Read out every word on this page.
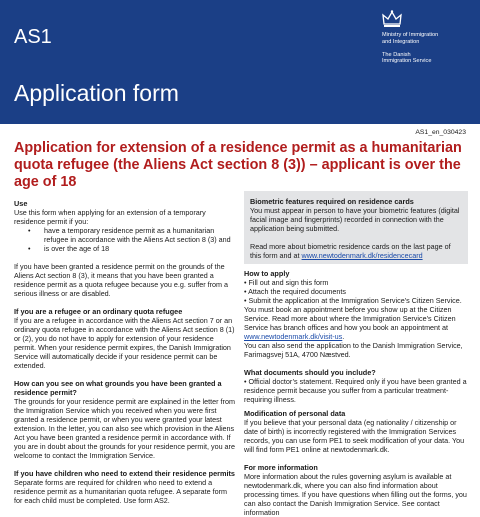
AS1
Application form
Ministry of Immigration
and Integration
The Danish
Immigration Service
AS1_en_030423
Application for extension of a residence permit as a humanitarian quota refugee (the Aliens Act section 8 (3)) – applicant is over the age of 18
Use

Use this form when applying for an extension of a temporary residence permit if you:

• have a temporary residence permit as a humanitarian refugee in accordance with the Aliens Act section 8 (3) and
• is over the age of 18

If you have been granted a residence permit on the grounds of the Aliens Act section 8 (3), it means that you have been granted a residence permit as a quota refugee because you e.g. suffer from a serious illness or are disabled.

If you are a refugee or an ordinary quota refugee

If you are a refugee in accordance with the Aliens Act section 7 or an ordinary quota refugee in accordance with the Aliens Act section 8 (1) or (2), you do not have to apply for extension of your residence permit. When your residence permit expires, the Danish Immigration Service will automatically decide if your residence permit can be extended.

How can you see on what grounds you have been granted a residence permit?

The grounds for your residence permit are explained in the letter from the Immigration Service which you received when you were first granted a residence permit, or when you were granted your latest extension. In the letter, you can also see which provision in the Aliens Act you have been granted a residence permit in accordance with. If you are in doubt about the grounds for your residence permit, you are welcome to contact the Immigration Service.

If you have children who need to extend their residence permits

Separate forms are required for children who need to extend a residence permit as a humanitarian quota refugee. A separate form for each child must be completed. Use form AS2.

Biometric features required on residence cards

You must appear in person to have your biometric features (digital facial image and fingerprints) recorded in connection with the application being submitted.

Read more about biometric residence cards on the last page of this form and at www.newtodenmark.dk/residencecard

How to apply

• Fill out and sign this form

• Attach the required documents

• Submit the application at the Immigration Service’s Citizen Service. You must book an appointment before you show up at the Citizen Service. Read more about where the Immigration Service’s Citizen Service has branch offices and how you book an appointment at www.newtodenmark.dk/visit-us.

You can also send the application to the Danish Immigration Service, Farimagsvej 51A, 4700 Næstved.

What documents should you include?

• Official doctor’s statement. Required only if you have been granted a residence permit because you suffer from a particular treatment-requiring illness.

Modification of personal data

If you believe that your personal data (eg nationality / citizenship or date of birth) is incorrectly registered with the Immigration Services records, you can use form PE1 to seek modification of your data. You will find form PE1 online at newtodenmark.dk.

For more information

More information about the rules governing asylum is available at newtodenmark.dk, where you can also find information about processing times. If you have questions when filling out the forms, you can also contact the Danish Immigration Service. See contact information
